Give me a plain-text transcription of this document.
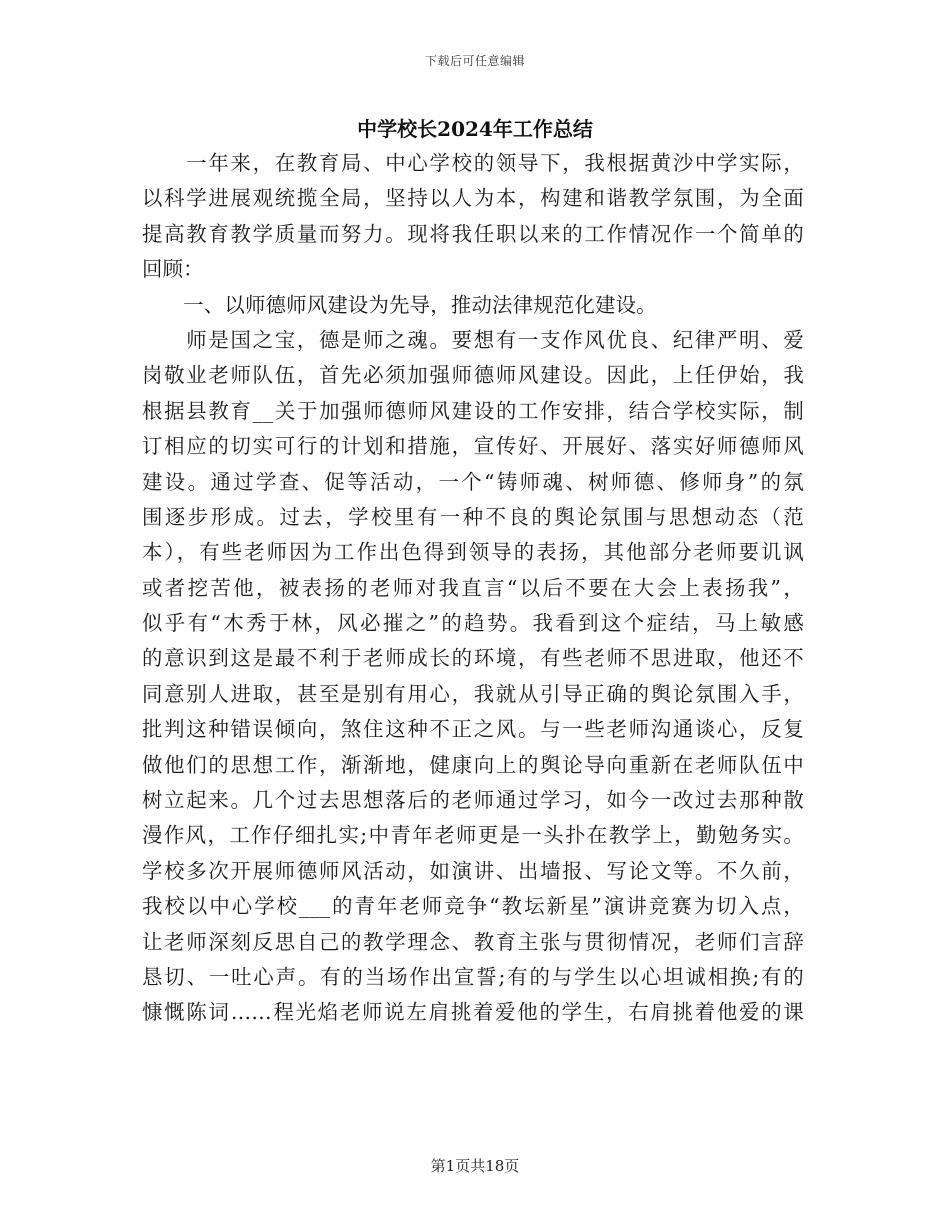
下载后可任意编辑
中学校长2024年工作总结
　　一年来，在教育局、中心学校的领导下，我根据黄沙中学实际，
以科学进展观统揽全局，坚持以人为本，构建和谐教学氛围，为全面
提高教育教学质量而努力。现将我任职以来的工作情况作一个简单的
回顾：
　　一、以师德师风建设为先导，推动法律规范化建设。
　　师是国之宝，德是师之魂。要想有一支作风优良、纪律严明、爱
岗敬业老师队伍，首先必须加强师德师风建设。因此，上任伊始，我
根据县教育__关于加强师德师风建设的工作安排，结合学校实际，制
订相应的切实可行的计划和措施，宣传好、开展好、落实好师德师风
建设。通过学查、促等活动，一个“铸师魂、树师德、修师身”的氛
围逐步形成。过去，学校里有一种不良的舆论氛围与思想动态（范
本），有些老师因为工作出色得到领导的表扬，其他部分老师要讥讽
或者挖苦他，被表扬的老师对我直言“以后不要在大会上表扬我”，
似乎有“木秀于林，风必摧之”的趋势。我看到这个症结，马上敏感
的意识到这是最不利于老师成长的环境，有些老师不思进取，他还不
同意别人进取，甚至是别有用心，我就从引导正确的舆论氛围入手，
批判这种错误倾向，煞住这种不正之风。与一些老师沟通谈心，反复
做他们的思想工作，渐渐地，健康向上的舆论导向重新在老师队伍中
树立起来。几个过去思想落后的老师通过学习，如今一改过去那种散
漫作风，工作仔细扎实;中青年老师更是一头扑在教学上，勤勉务实。
学校多次开展师德师风活动，如演讲、出墙报、写论文等。不久前，
我校以中心学校___的青年老师竞争“教坛新星”演讲竞赛为切入点，
让老师深刻反思自己的教学理念、教育主张与贯彻情况，老师们言辞
恳切、一吐心声。有的当场作出宣誓;有的与学生以心坦诚相换;有的
慷慨陈词……程光焰老师说左肩挑着爱他的学生，右肩挑着他爱的课
第1页共18页
